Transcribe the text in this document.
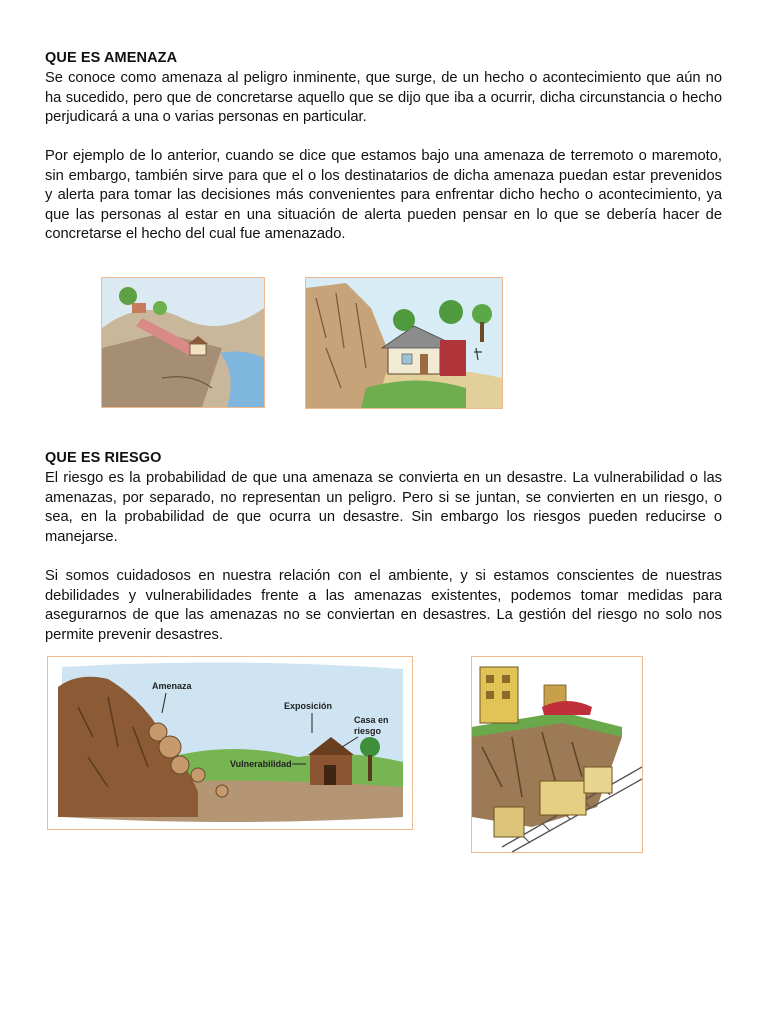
QUE ES AMENAZA

Se conoce como amenaza al peligro inminente, que surge, de un hecho o acontecimiento que aún no ha sucedido, pero que de concretarse aquello que se dijo que iba a ocurrir, dicha circunstancia o hecho perjudicará a una o varias personas en particular.

Por ejemplo de lo anterior, cuando se dice que estamos bajo una amenaza de terremoto o maremoto, sin embargo, también sirve para que el o los destinatarios de dicha amenaza puedan estar prevenidos y alerta para tomar las decisiones más convenientes para enfrentar dicho hecho o acontecimiento, ya que las personas al estar en una situación de alerta pueden pensar en lo que se debería hacer de concretarse el hecho del cual fue amenazado.

QUE ES RIESGO

El riesgo es la probabilidad de que una amenaza se convierta en un desastre. La vulnerabilidad o las amenazas, por separado, no representan un peligro. Pero si se juntan, se convierten en un riesgo, o sea, en la probabilidad de que ocurra un desastre. Sin embargo los riesgos pueden reducirse o manejarse.

Si somos cuidadosos en nuestra relación con el ambiente, y si estamos conscientes de nuestras debilidades y vulnerabilidades frente a las amenazas existentes, podemos tomar medidas para asegurarnos de que las amenazas no se conviertan en desastres. La gestión del riesgo no solo nos permite prevenir desastres.

Amenaza
Exposición
Casa en
riesgo
Vulnerabilidad
